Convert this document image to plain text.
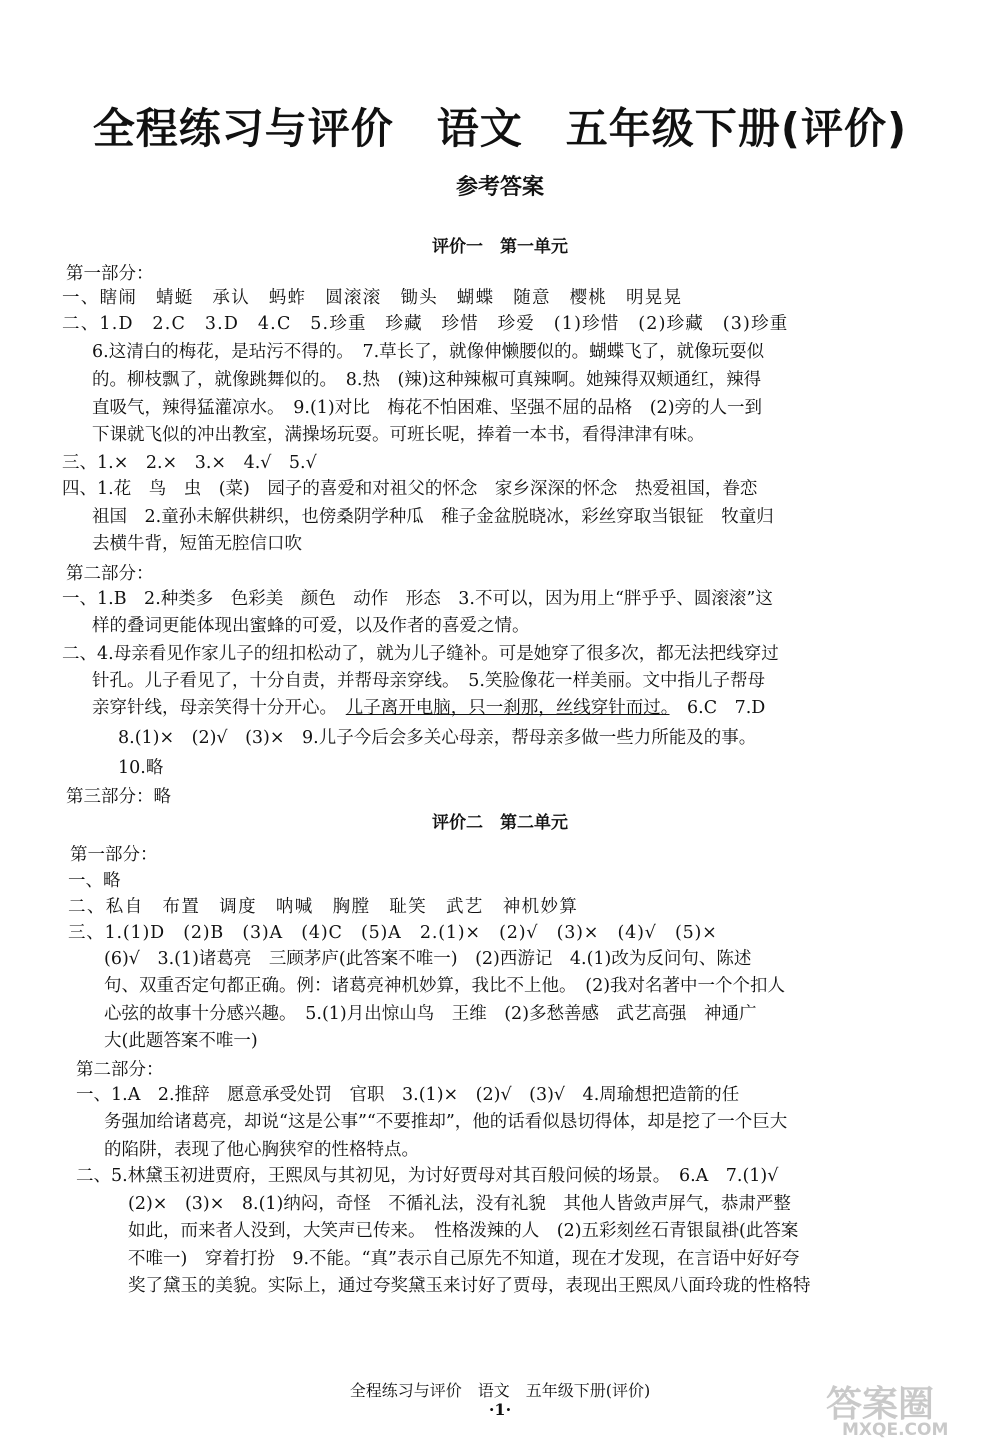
全程练习与评价　语文　五年级下册(评价)
参考答案
评价一　第一单元
第一部分：
一、瞎闹　蜻蜓　承认　蚂蚱　圆滚滚　锄头　蝴蝶　随意　樱桃　明晃晃
二、1.D　2.C　3.D　4.C　5.珍重　珍藏　珍惜　珍爱　(1)珍惜　(2)珍藏　(3)珍重
6.这清白的梅花，是玷污不得的。　7.草长了，就像伸懒腰似的。蝴蝶飞了，就像玩耍似
的。柳枝飘了，就像跳舞似的。　8.热　(辣)这种辣椒可真辣啊。她辣得双颊通红，辣得
直吸气，辣得猛灌凉水。　9.(1)对比　梅花不怕困难、坚强不屈的品格　(2)旁的人一到
下课就飞似的冲出教室，满操场玩耍。可班长呢，捧着一本书，看得津津有味。
三、1.×　2.×　3.×　4.√　5.√
四、1.花　鸟　虫　(菜)　园子的喜爱和对祖父的怀念　家乡深深的怀念　热爱祖国，眷恋
祖国　2.童孙未解供耕织，也傍桑阴学种瓜　稚子金盆脱晓冰，彩丝穿取当银钲　牧童归
去横牛背，短笛无腔信口吹
第二部分：
一、1.B　2.种类多　色彩美　颜色　动作　形态　3.不可以，因为用上“胖乎乎、圆滚滚”这
样的叠词更能体现出蜜蜂的可爱，以及作者的喜爱之情。
二、4.母亲看见作家儿子的纽扣松动了，就为儿子缝补。可是她穿了很多次，都无法把线穿过
针孔。儿子看见了，十分自责，并帮母亲穿线。　5.笑脸像花一样美丽。文中指儿子帮母
亲穿针线，母亲笑得十分开心。　儿子离开电脑，只一刹那，丝线穿针而过。　6.C　7.D
8.(1)×　(2)√　(3)×　9.儿子今后会多关心母亲，帮母亲多做一些力所能及的事。
10.略
第三部分：略
评价二　第二单元
第一部分：
一、略
二、私自　布置　调度　呐喊　胸膛　耻笑　武艺　神机妙算
三、1.(1)D　(2)B　(3)A　(4)C　(5)A　2.(1)×　(2)√　(3)×　(4)√　(5)×
(6)√　3.(1)诸葛亮　三顾茅庐(此答案不唯一)　(2)西游记　4.(1)改为反问句、陈述
句、双重否定句都正确。例：诸葛亮神机妙算，我比不上他。　(2)我对名著中一个个扣人
心弦的故事十分感兴趣。　5.(1)月出惊山鸟　王维　(2)多愁善感　武艺高强　神通广
大(此题答案不唯一)
第二部分：
一、1.A　2.推辞　愿意承受处罚　官职　3.(1)×　(2)√　(3)√　4.周瑜想把造箭的任
务强加给诸葛亮，却说“这是公事”“不要推却”，他的话看似恳切得体，却是挖了一个巨大
的陷阱，表现了他心胸狭窄的性格特点。
二、5.林黛玉初进贾府，王熙凤与其初见，为讨好贾母对其百般问候的场景。　6.A　7.(1)√
(2)×　(3)×　8.(1)纳闷，奇怪　不循礼法，没有礼貌　其他人皆敛声屏气，恭肃严整
如此，而来者人没到，大笑声已传来。　性格泼辣的人　(2)五彩刻丝石青银鼠褂(此答案
不唯一)　穿着打扮　9.不能。“真”表示自己原先不知道，现在才发现，在言语中好好夸
奖了黛玉的美貌。实际上，通过夸奖黛玉来讨好了贾母，表现出王熙凤八面玲珑的性格特
全程练习与评价　语文　五年级下册(评价)
·1·	答案圈
MXQE.COM
